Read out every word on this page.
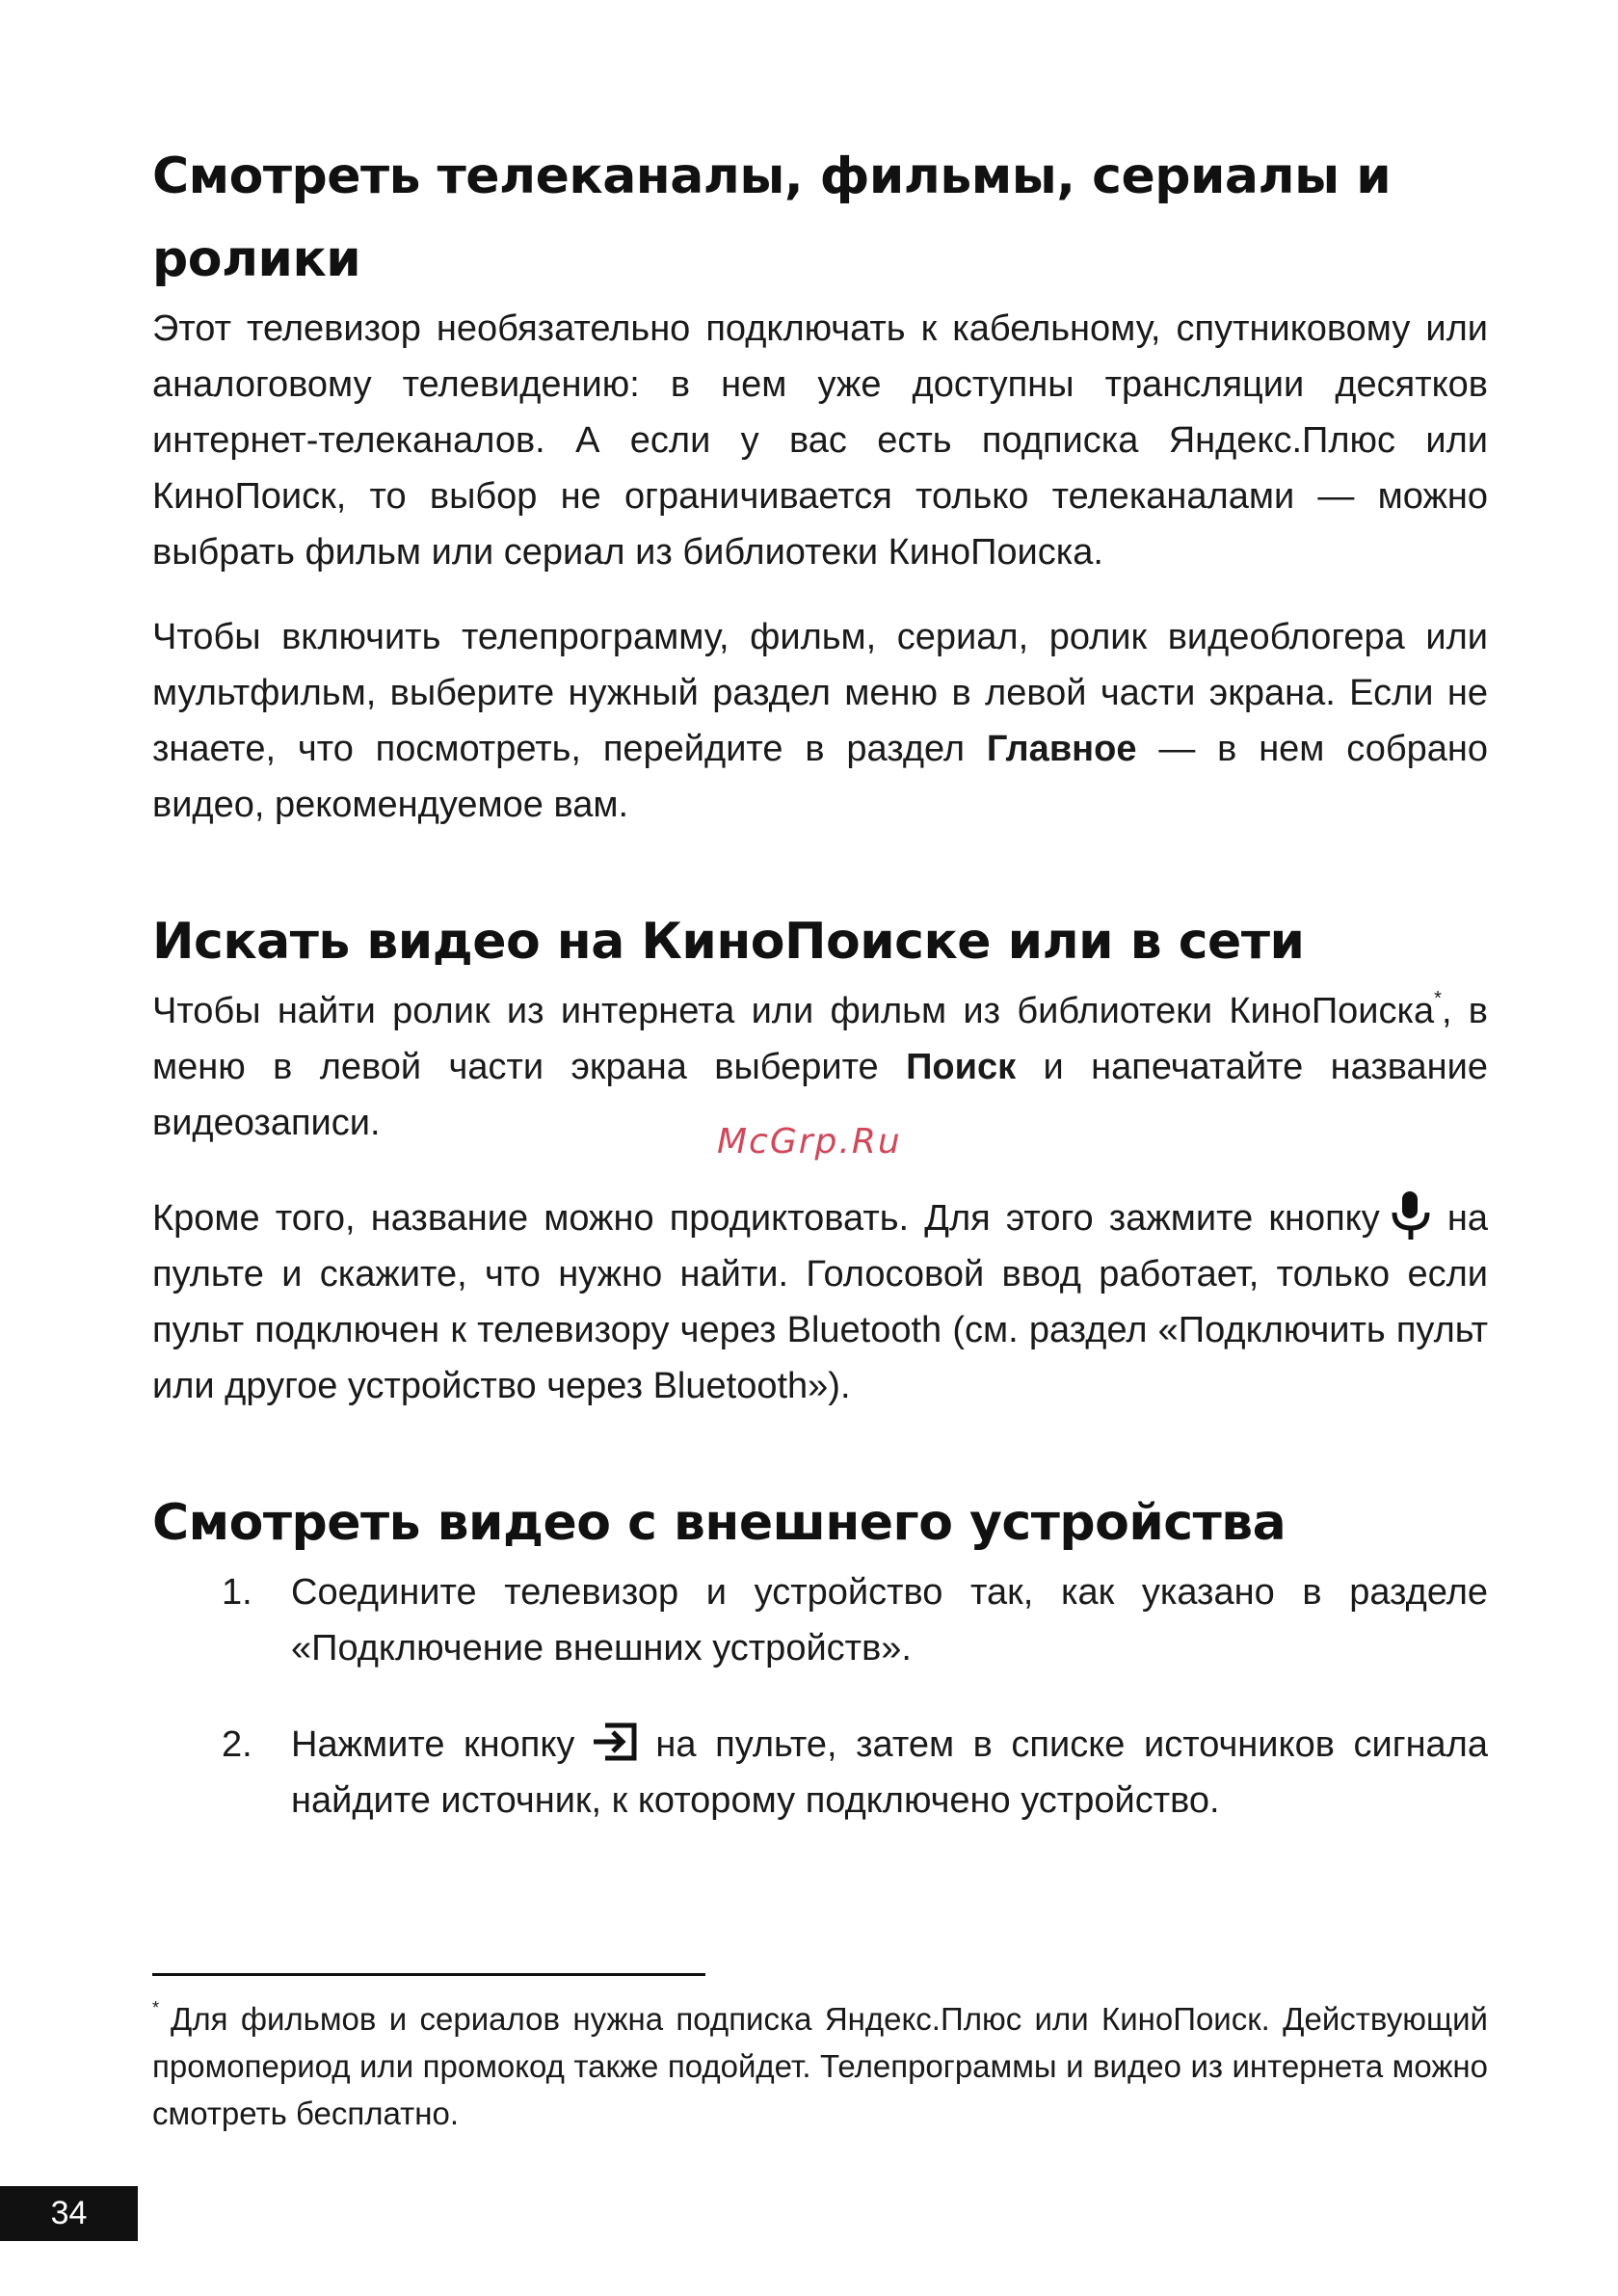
Смотреть телеканалы, фильмы, сериалы и ролики

Этот телевизор необязательно подключать к кабельному, спутниковому или аналоговому телевидению: в нем уже доступны трансляции десятков интернет-телеканалов. А если у вас есть подписка Яндекс.Плюс или КиноПоиск, то выбор не ограничивается только телеканалами — можно выбрать фильм или сериал из библиотеки КиноПоиска.

Чтобы включить телепрограмму, фильм, сериал, ролик видеоблогера или мультфильм, выберите нужный раздел меню в левой части экрана. Если не знаете, что посмотреть, перейдите в раздел Главное — в нем собрано видео, рекомендуемое вам.

Искать видео на КиноПоиске или в сети

Чтобы найти ролик из интернета или фильм из библиотеки КиноПоиска*, в меню в левой части экрана выберите Поиск и напечатайте название видеозаписи.

Кроме того, название можно продиктовать. Для этого зажмите кнопку на пульте и скажите, что нужно найти. Голосовой ввод работает, только если пульт подключен к телевизору через Bluetooth (см. раздел «Подключить пульт или другое устройство через Bluetooth»).

Смотреть видео с внешнего устройства
1.	Соедините телевизор и устройство так, как указано в разделе «Подключение внешних устройств».

2.	Нажмите кнопку на пульте, затем в списке источников сигнала найдите источник, к которому подключено устройство.

McGrp.Ru
* Для фильмов и сериалов нужна подписка Яндекс.Плюс или КиноПоиск. Действующий промопериод или промокод также подойдет. Телепрограммы и видео из интернета можно смотреть бесплатно.
34
